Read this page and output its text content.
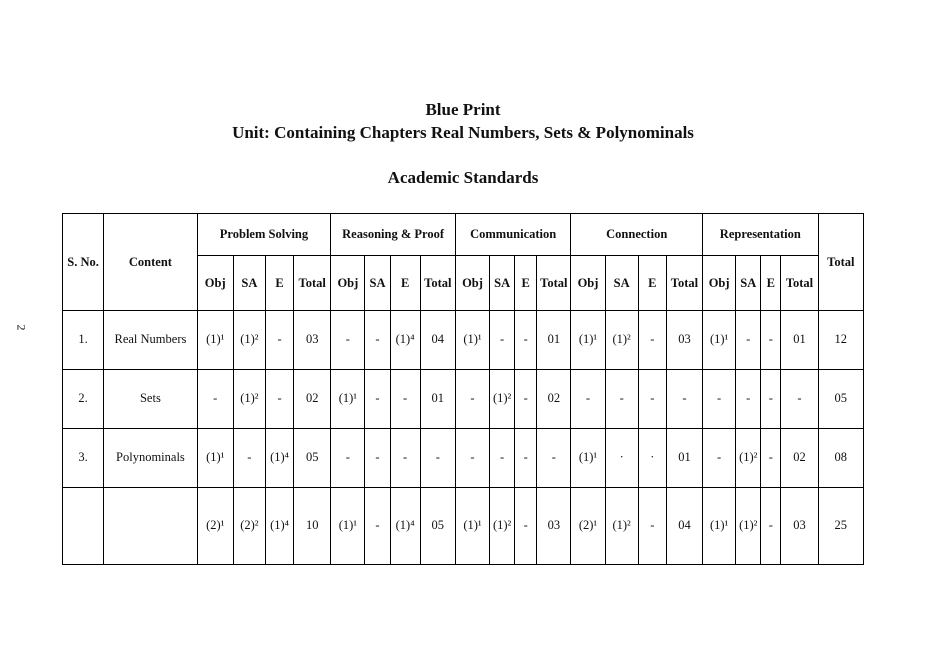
2
Blue Print
Unit: Containing Chapters Real Numbers, Sets & Polynominals
Academic Standards
S. No.	Content	Problem Solving				Reasoning & Proof				Communication				Connection				Representation				Total
		Obj	SA	E	Total	Obj	SA	E	Total	Obj	SA	E	Total	Obj	SA	E	Total	Obj	SA	E	Total	
1.	Real Numbers	(1)¹	(1)²	-	03	-	-	(1)⁴	04	(1)¹	-	-	01	(1)¹	(1)²	-	03	(1)¹	-	-	01	12
2.	Sets	-	(1)²	-	02	(1)¹	-	-	01	-	(1)²	-	02	-	-	-	-	-	-	-	-	05
3.	Polynominals	(1)¹	-	(1)⁴	05	-	-	-	-	-	-	-	-	(1)¹	·	·	01	-	(1)²	-	02	08
		(2)¹	(2)²	(1)⁴	10	(1)¹	-	(1)⁴	05	(1)¹	(1)²	-	03	(2)¹	(1)²	-	04	(1)¹	(1)²	-	03	25
